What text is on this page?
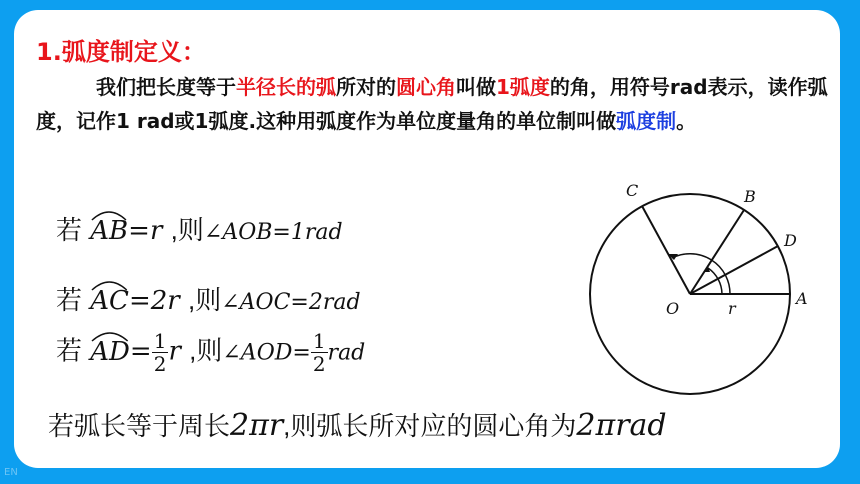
1.弧度制定义：
我们把长度等于半径长的弧所对的圆心角叫做1弧度的角，用符号rad表示，读作弧度，记作1 rad或1弧度.这种用弧度作为单位度量角的单位制叫做弧度制。
若 AB=r ,则∠AOB=1rad
若 AC=2r ,则∠AOC=2rad
若 $AD= \frac{1}{2}$ r ,则∠AOD= $\frac{1}{2}$ rad
若弧长等于周长2πr,则弧长所对应的圆心角为2πrad
C	B
D
A
O	r
EN
